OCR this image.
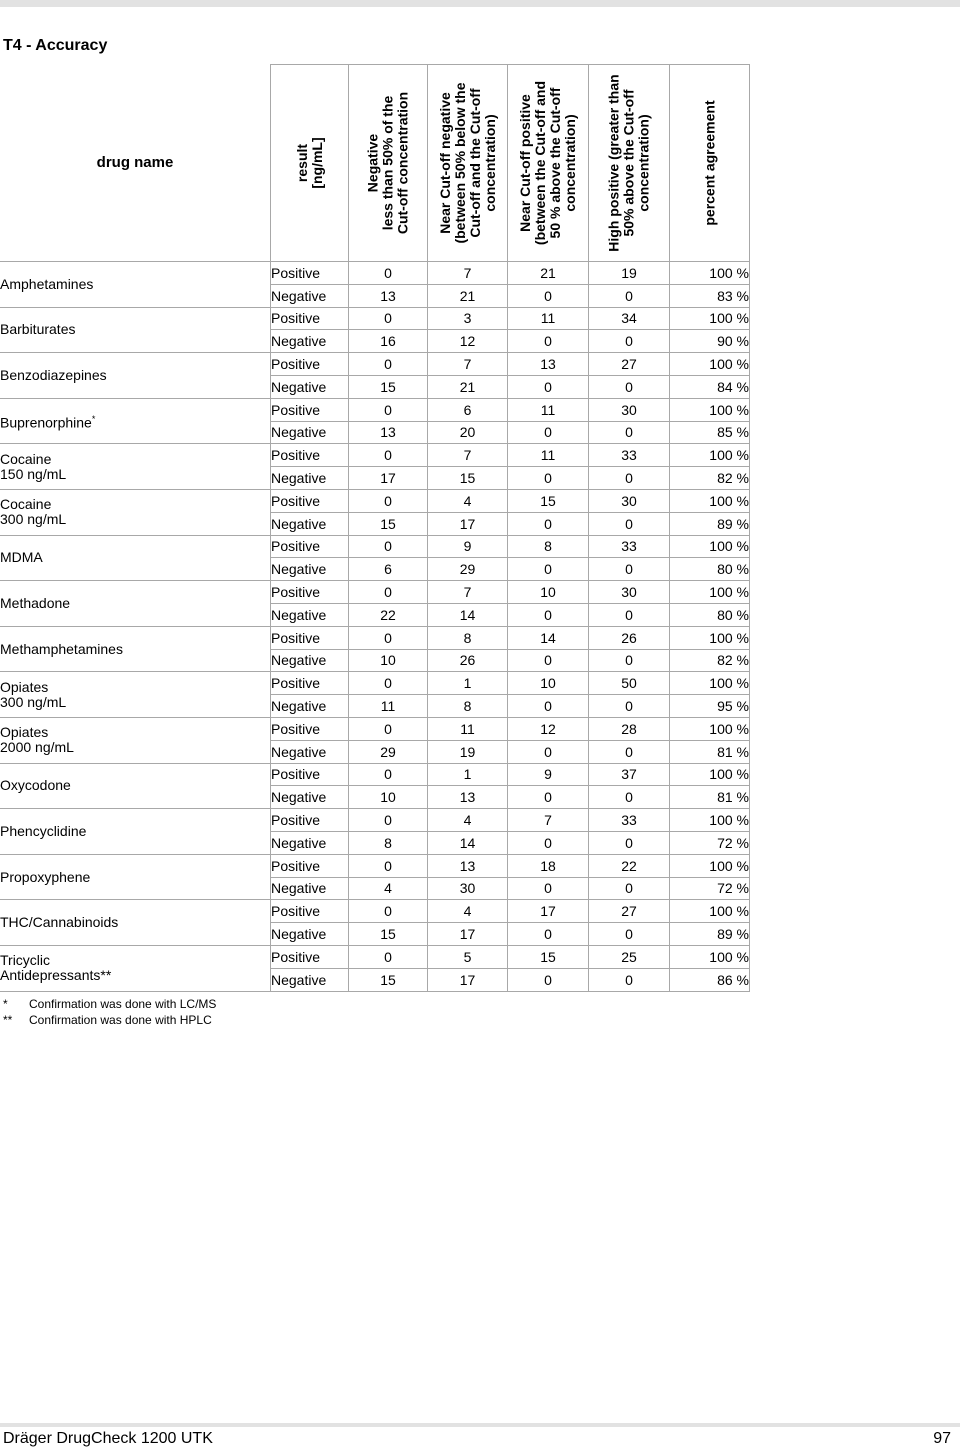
T4 - Accuracy
drug name	result
[ng/mL]	Negative
less than 50% of the
Cut-off concentration	Near Cut-off negative
(between 50% below the
Cut-off and the Cut-off
concentration)	Near Cut-off positive
(between the Cut-off and
50 % above the Cut-off
concentration)	High positive (greater than
50% above the Cut-off
concentration)	percent agreement

Amphetamines	Positive	0	7	21	19	100 %
	Negative	13	21	0	0	83 %
Barbiturates	Positive	0	3	11	34	100 %
	Negative	16	12	0	0	90 %
Benzodiazepines	Positive	0	7	13	27	100 %
	Negative	15	21	0	0	84 %
Buprenorphine*	Positive	0	6	11	30	100 %
	Negative	13	20	0	0	85 %
Cocaine
150 ng/mL	Positive	0	7	11	33	100 %
	Negative	17	15	0	0	82 %
Cocaine
300 ng/mL	Positive	0	4	15	30	100 %
	Negative	15	17	0	0	89 %
MDMA	Positive	0	9	8	33	100 %
	Negative	6	29	0	0	80 %
Methadone	Positive	0	7	10	30	100 %
	Negative	22	14	0	0	80 %
Methamphetamines	Positive	0	8	14	26	100 %
	Negative	10	26	0	0	82 %
Opiates
300 ng/mL	Positive	0	1	10	50	100 %
	Negative	11	8	0	0	95 %
Opiates
2000 ng/mL	Positive	0	11	12	28	100 %
	Negative	29	19	0	0	81 %
Oxycodone	Positive	0	1	9	37	100 %
	Negative	10	13	0	0	81 %
Phencyclidine	Positive	0	4	7	33	100 %
	Negative	8	14	0	0	72 %
Propoxyphene	Positive	0	13	18	22	100 %
	Negative	4	30	0	0	72 %
THC/Cannabinoids	Positive	0	4	17	27	100 %
	Negative	15	17	0	0	89 %
Tricyclic
Antidepressants**	Positive	0	5	15	25	100 %
	Negative	15	17	0	0	86 %
*	Confirmation was done with LC/MS
**	Confirmation was done with HPLC
Dräger DrugCheck 1200 UTK	97
